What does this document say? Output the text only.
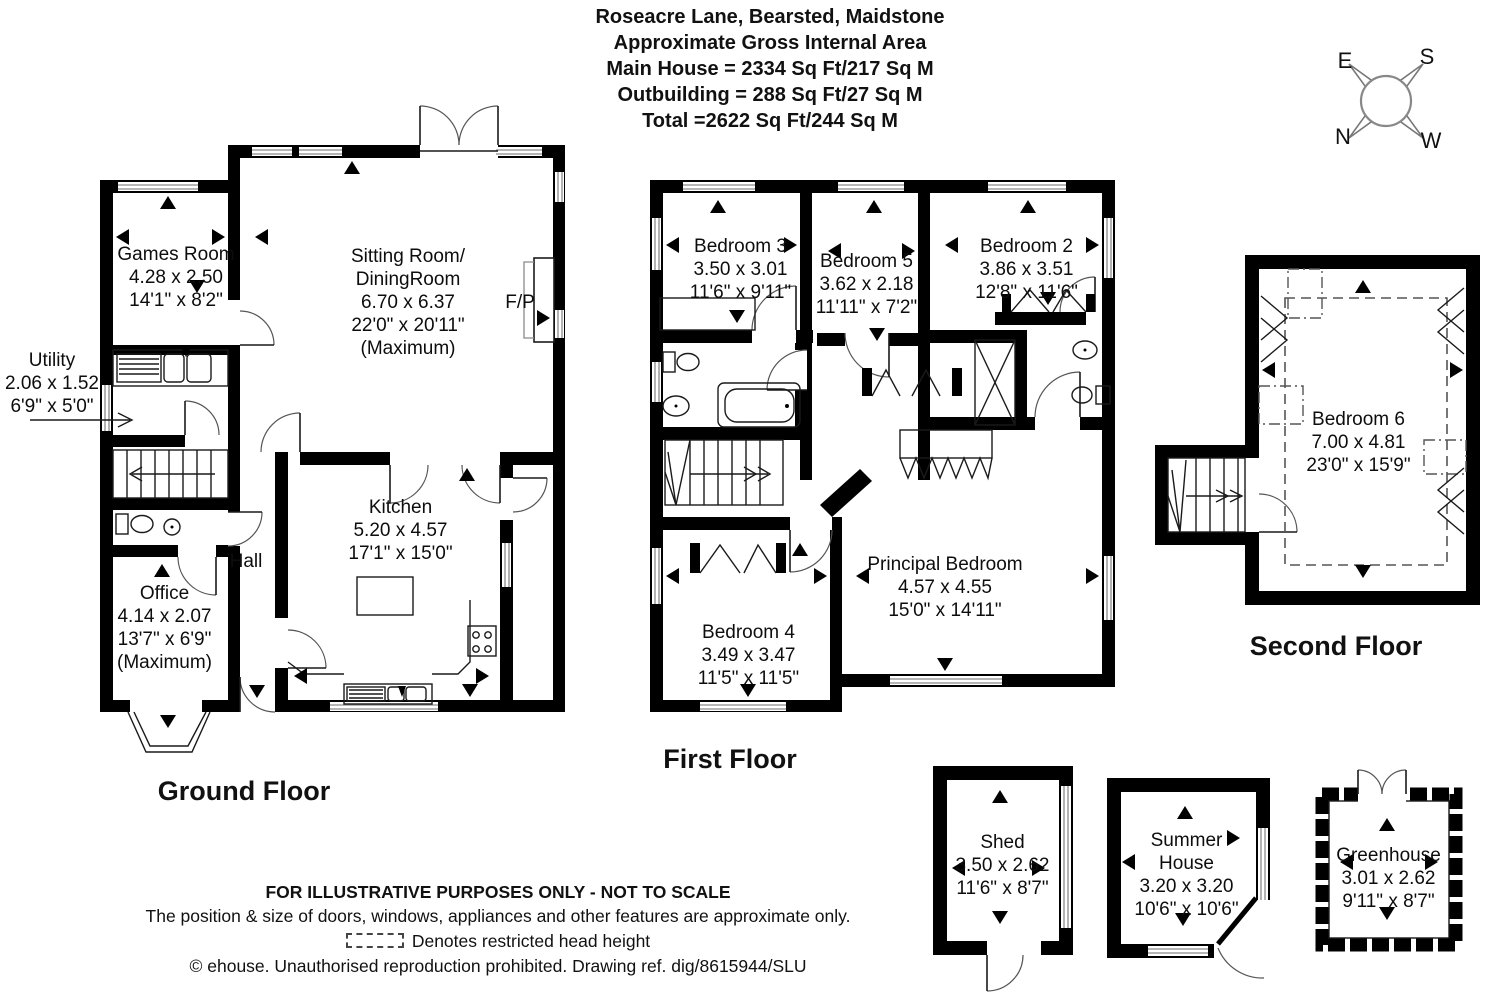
Roseacre Lane, Bearsted, Maidstone
Approximate Gross Internal Area
Main House = 2334 Sq Ft/217 Sq M
Outbuilding = 288 Sq Ft/27 Sq M
Total =2622 Sq Ft/244 Sq M
E	S
N	W
Games Room
4.28 x 2.50
14'1" x 8'2"
Sitting Room/
DiningRoom
6.70 x 6.37
22'0" x 20'11"
(Maximum)
Utility
2.06 x 1.52
6'9" x 5'0"
F/P
Hall
Office
4.14 x 2.07
13'7" x 6'9"
(Maximum)
Kitchen
5.20 x 4.57
17'1" x 15'0"
Bedroom 3
3.50 x 3.01
11'6" x 9'11"
Bedroom 5
3.62 x 2.18
11'11" x 7'2"
Bedroom 2
3.86 x 3.51
12'8" x 11'6"
Bedroom 4
3.49 x 3.47
11'5" x 11'5"
Principal Bedroom
4.57 x 4.55
15'0" x 14'11"
Bedroom 6
7.00 x 4.81
23'0" x 15'9"
Shed
3.50 x 2.62
11'6" x 8'7"
Summer
House
3.20 x 3.20
10'6" x 10'6"
Greenhouse
3.01 x 2.62
9'11" x 8'7"
Ground Floor
First Floor
Second Floor
FOR ILLUSTRATIVE PURPOSES ONLY - NOT TO SCALE
The position & size of doors, windows, appliances and other features are approximate only.
Denotes restricted head height
© ehouse. Unauthorised reproduction prohibited. Drawing ref. dig/8615944/SLU
